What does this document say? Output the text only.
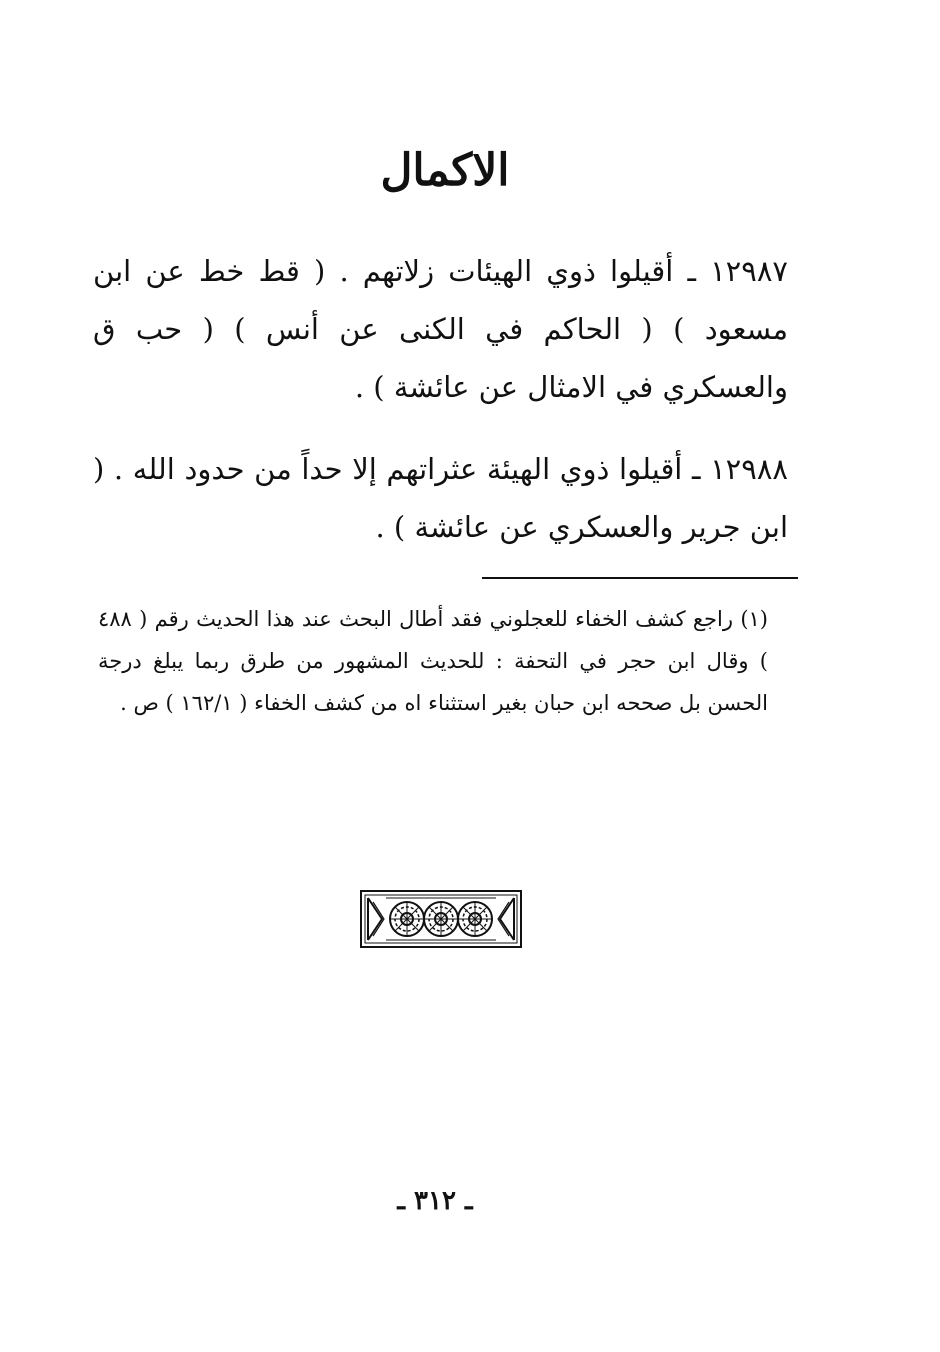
الاكمال
١٢٩٨٧ ـ أقيلوا ذوي الهيئات زلاتهم . ( قط خط عن ابن مسعود ) ( الحاكم في الكنى عن أنس ) ( حب ق والعسكري في الامثال عن عائشة ) .
١٢٩٨٨ ـ أقيلوا ذوي الهيئة عثراتهم إلا حداً من حدود الله . ( ابن جرير والعسكري عن عائشة ) .
(١) راجع كشف الخفاء للعجلوني فقد أطال البحث عند هذا الحديث رقم ( ٤٨٨ ) وقال ابن حجر في التحفة : للحديث المشهور من طرق ربما يبلغ درجة الحسن بل صححه ابن حبان بغير استثناء اه من كشف الخفاء ( ١٦٢/١ ) ص .
ـ ٣١٢ ـ
